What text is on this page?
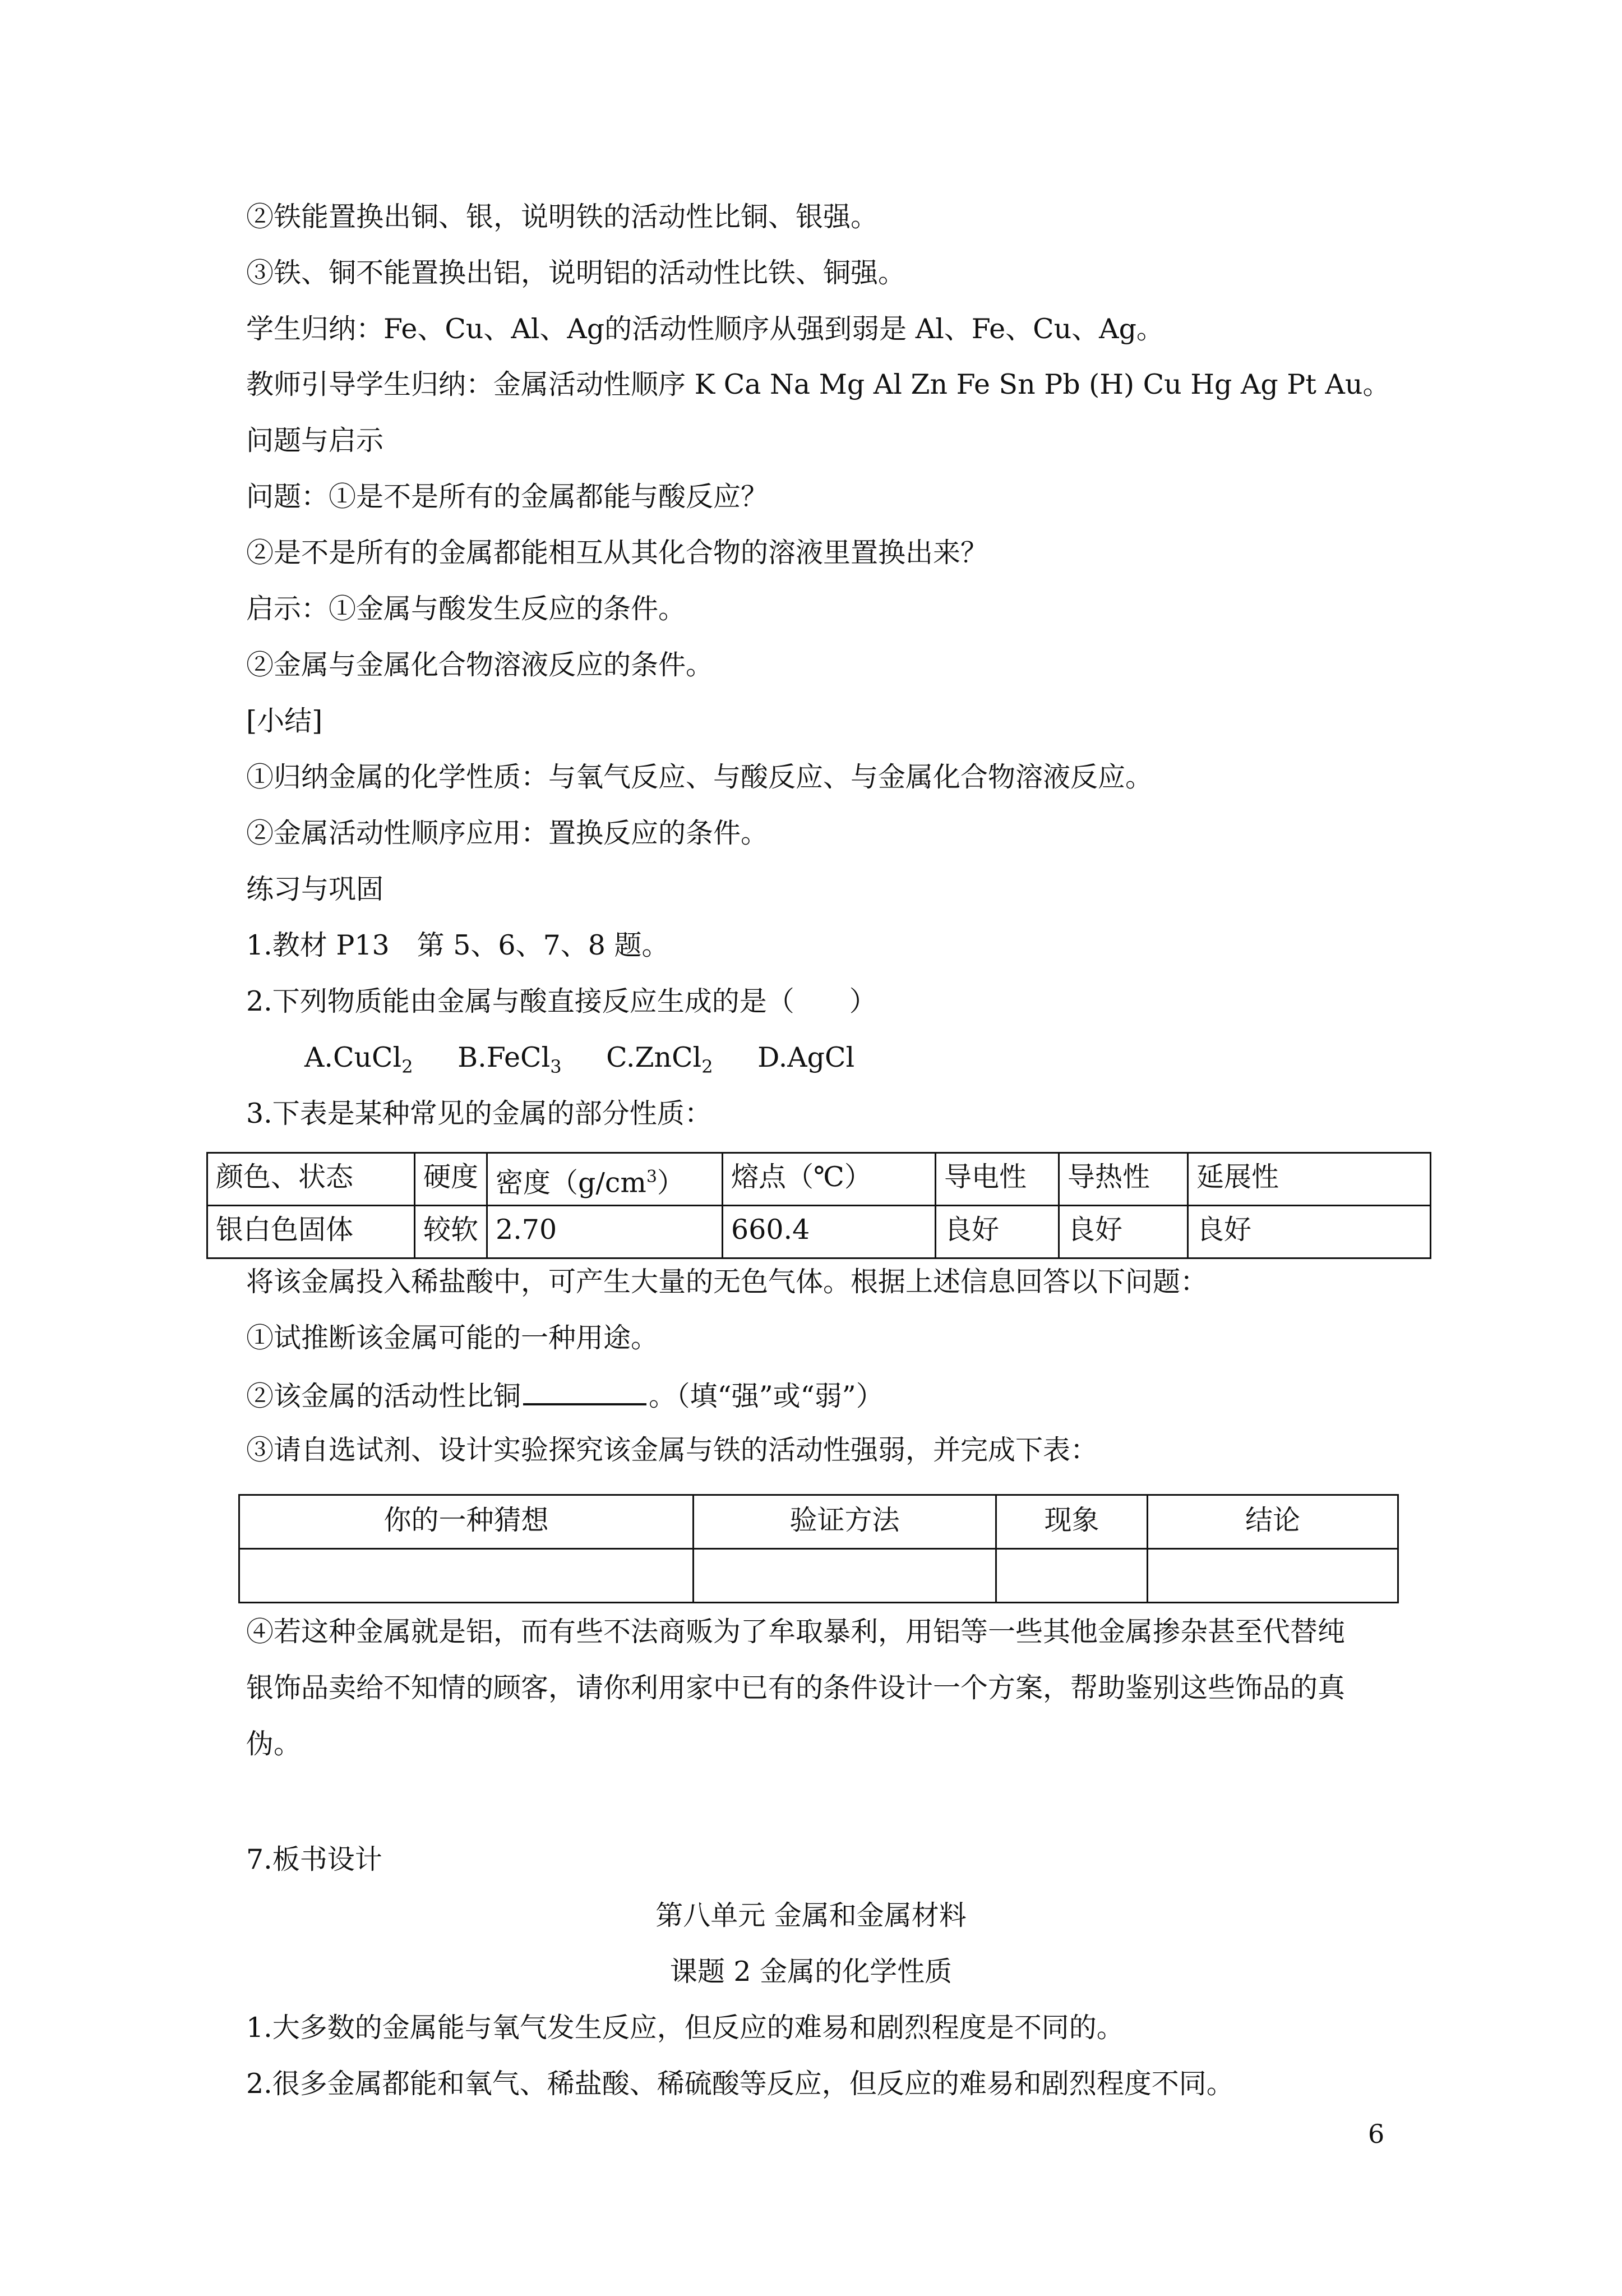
②铁能置换出铜、银，说明铁的活动性比铜、银强。
③铁、铜不能置换出铝，说明铝的活动性比铁、铜强。
学生归纳：Fe、Cu、Al、Ag的活动性顺序从强到弱是 Al、Fe、Cu、Ag。
教师引导学生归纳：金属活动性顺序 K Ca Na Mg Al Zn Fe Sn Pb (H) Cu Hg Ag Pt Au。
问题与启示
问题：①是不是所有的金属都能与酸反应？
②是不是所有的金属都能相互从其化合物的溶液里置换出来？
启示：①金属与酸发生反应的条件。
②金属与金属化合物溶液反应的条件。
[小结]
①归纳金属的化学性质：与氧气反应、与酸反应、与金属化合物溶液反应。
②金属活动性顺序应用：置换反应的条件。
练习与巩固
1.教材 P13　第 5、6、7、8 题。
2.下列物质能由金属与酸直接反应生成的是（　　）
A.CuCl$_2$ B.FeCl$_3$ C.ZnCl$_2$ D.AgCl
3.下表是某种常见的金属的部分性质：
颜色、状态	硬度	密度$(g/cm^3)$	熔点（℃）	导电性	导热性	延展性
银白色固体	较软	2.70	660.4	良好	良好	良好
将该金属投入稀盐酸中，可产生大量的无色气体。根据上述信息回答以下问题：
①试推断该金属可能的一种用途。
②该金属的活动性比铜	。（填“强”或“弱”）
③请自选试剂、设计实验探究该金属与铁的活动性强弱，并完成下表：
你的一种猜想	验证方法	现象	结论

④若这种金属就是铝，而有些不法商贩为了牟取暴利，用铝等一些其他金属掺杂甚至代替纯
银饰品卖给不知情的顾客，请你利用家中已有的条件设计一个方案，帮助鉴别这些饰品的真
伪。
7.板书设计
第八单元 金属和金属材料
课题 2 金属的化学性质
1.大多数的金属能与氧气发生反应，但反应的难易和剧烈程度是不同的。
2.很多金属都能和氧气、稀盐酸、稀硫酸等反应，但反应的难易和剧烈程度不同。
6
